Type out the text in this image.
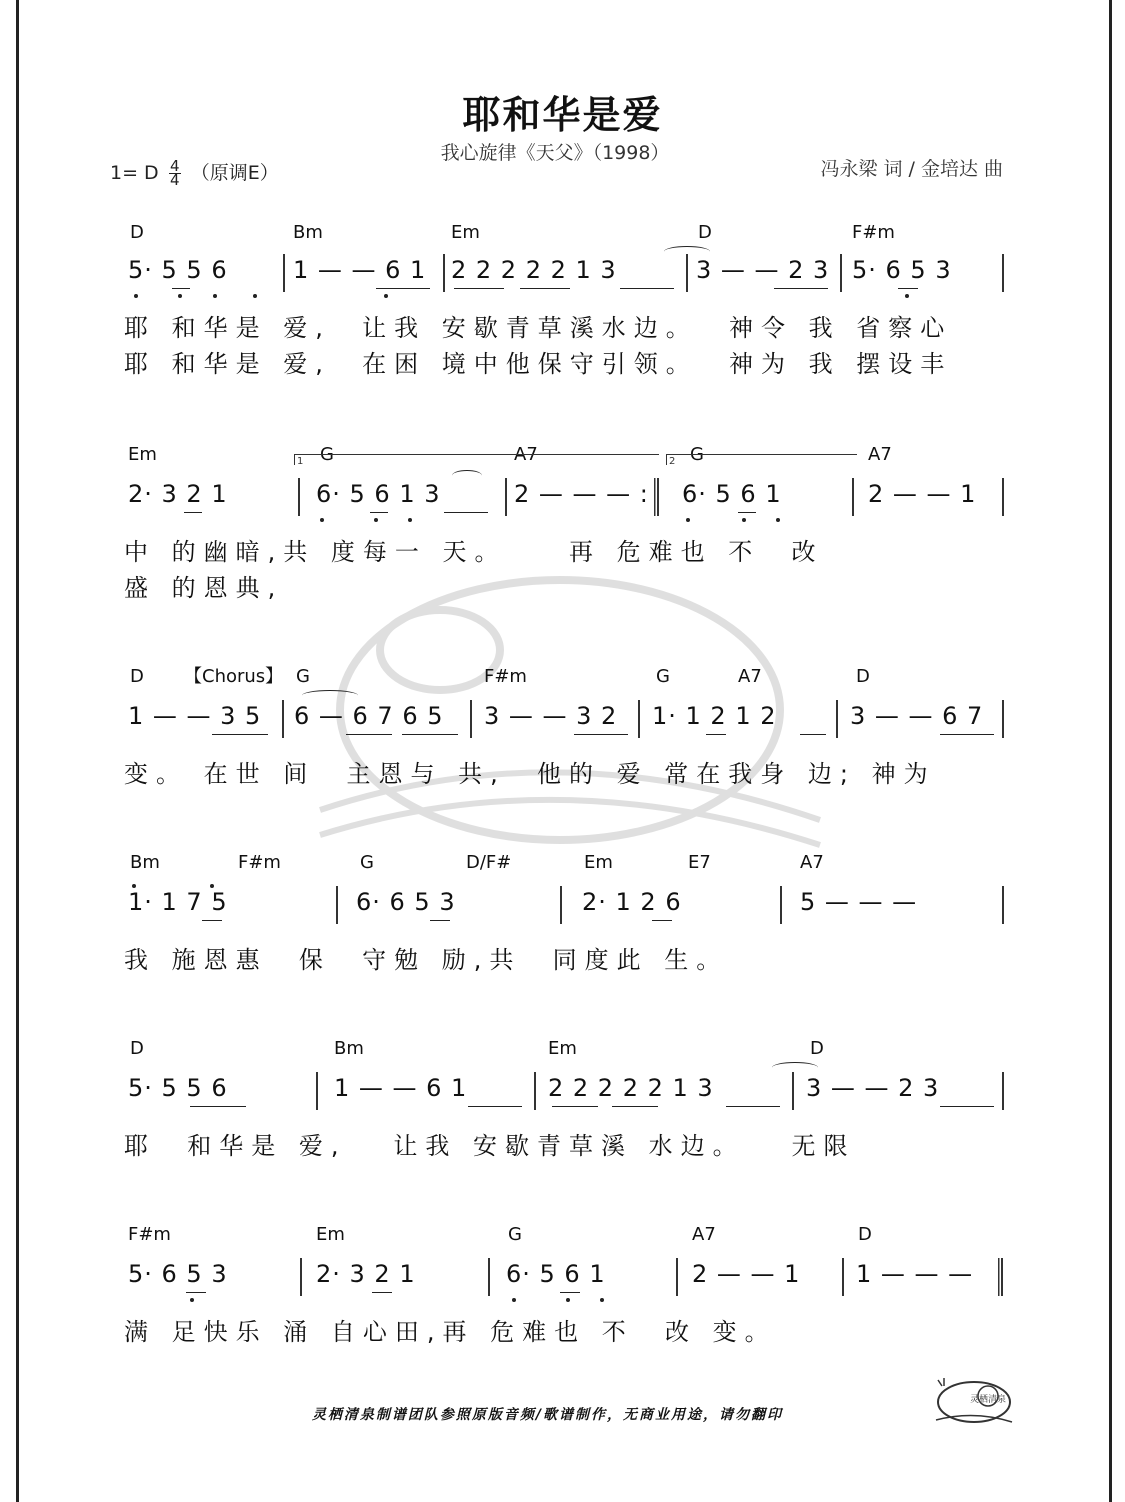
耶和华是爱
我心旋律《天父》（1998）
冯永梁 词 / 金培达 曲
1= D $\frac{4}{4}$ （原调E）
D	Bm	Em	D	F#m
5· 5 5 6	1 — — 6 1 2 2 2 2 2 1 3	3 — — 2 3 5· 6 5 3
耶 和华是 爱,  让我 安歇青草溪水边。  神令 我 省察心
耶 和华是 爱,  在困 境中他保守引领。  神为 我 摆设丰
Em	G	A7	G	A7
1	2
2· 3 2 1	6· 5 6 1 3	2 — — — : 6· 5 6 1	2 — — 1
中 的幽暗,共 度每一 天。    再 危难也 不  改
盛 的恩典,
D 【Chorus】 G	F#m	G	A7	D
1 — — 3 5 6 — 6 7 6 5 3 — — 3 2 1· 1 2 1 2	3 — — 6 7
变。 在世 间  主恩与 共,  他的 爱 常在我身 边; 神为
Bm	F#m	G	D/F#	Em	E7	A7
1· 1 7 5	6· 6 5 3	2· 1 2 6	5 — — —
我 施恩惠  保  守勉 励,共  同度此 生。
D	Bm	Em	D
5· 5 5 6	1 — — 6 1	2 2 2 2 2 1 3	3 — — 2 3
耶  和华是 爱,   让我 安歇青草溪 水边。   无限
F#m	Em	G	A7	D
5· 6 5 3	2· 3 2 1	6· 5 6 1	2 — — 1 1 — — —
满 足快乐 涌 自心田,再 危难也 不  改 变。
灵栖清泉制谱团队参照原版音频/歌谱制作，无商业用途，请勿翻印
灵栖清泉
